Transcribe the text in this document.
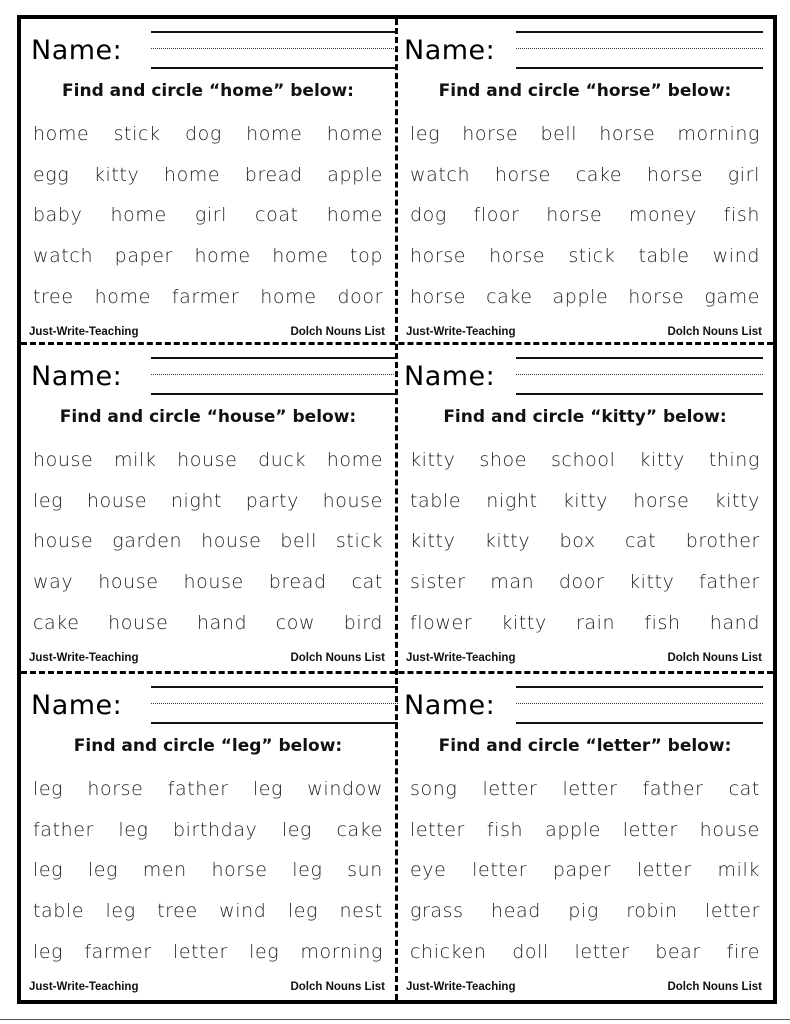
Name:
Find and circle “home” below:
home stick dog home home
egg kitty home bread apple
baby home girl coat home
watch paper home home top
tree home farmer home door
Just-Write-Teaching	Dolch Nouns List
Name:
Find and circle “horse” below:
leg horse bell horse morning
watch horse cake horse girl
dog floor horse money fish
horse horse stick table wind
horse cake apple horse game
Just-Write-Teaching	Dolch Nouns List
Name:
Find and circle “house” below:
house milk house duck home
leg house night party house
house garden house bell stick
way house house bread cat
cake house hand cow bird
Just-Write-Teaching	Dolch Nouns List
Name:
Find and circle “kitty” below:
kitty shoe school kitty thing
table night kitty horse kitty
kitty kitty box cat brother
sister man door kitty father
flower kitty rain fish hand
Just-Write-Teaching	Dolch Nouns List
Name:
Find and circle “leg” below:
leg horse father leg window
father leg birthday leg cake
leg leg men horse leg sun
table leg tree wind leg nest
leg farmer letter leg morning
Just-Write-Teaching	Dolch Nouns List
Name:
Find and circle “letter” below:
song letter letter father cat
letter fish apple letter house
eye letter paper letter milk
grass head pig robin letter
chicken doll letter bear fire
Just-Write-Teaching	Dolch Nouns List
